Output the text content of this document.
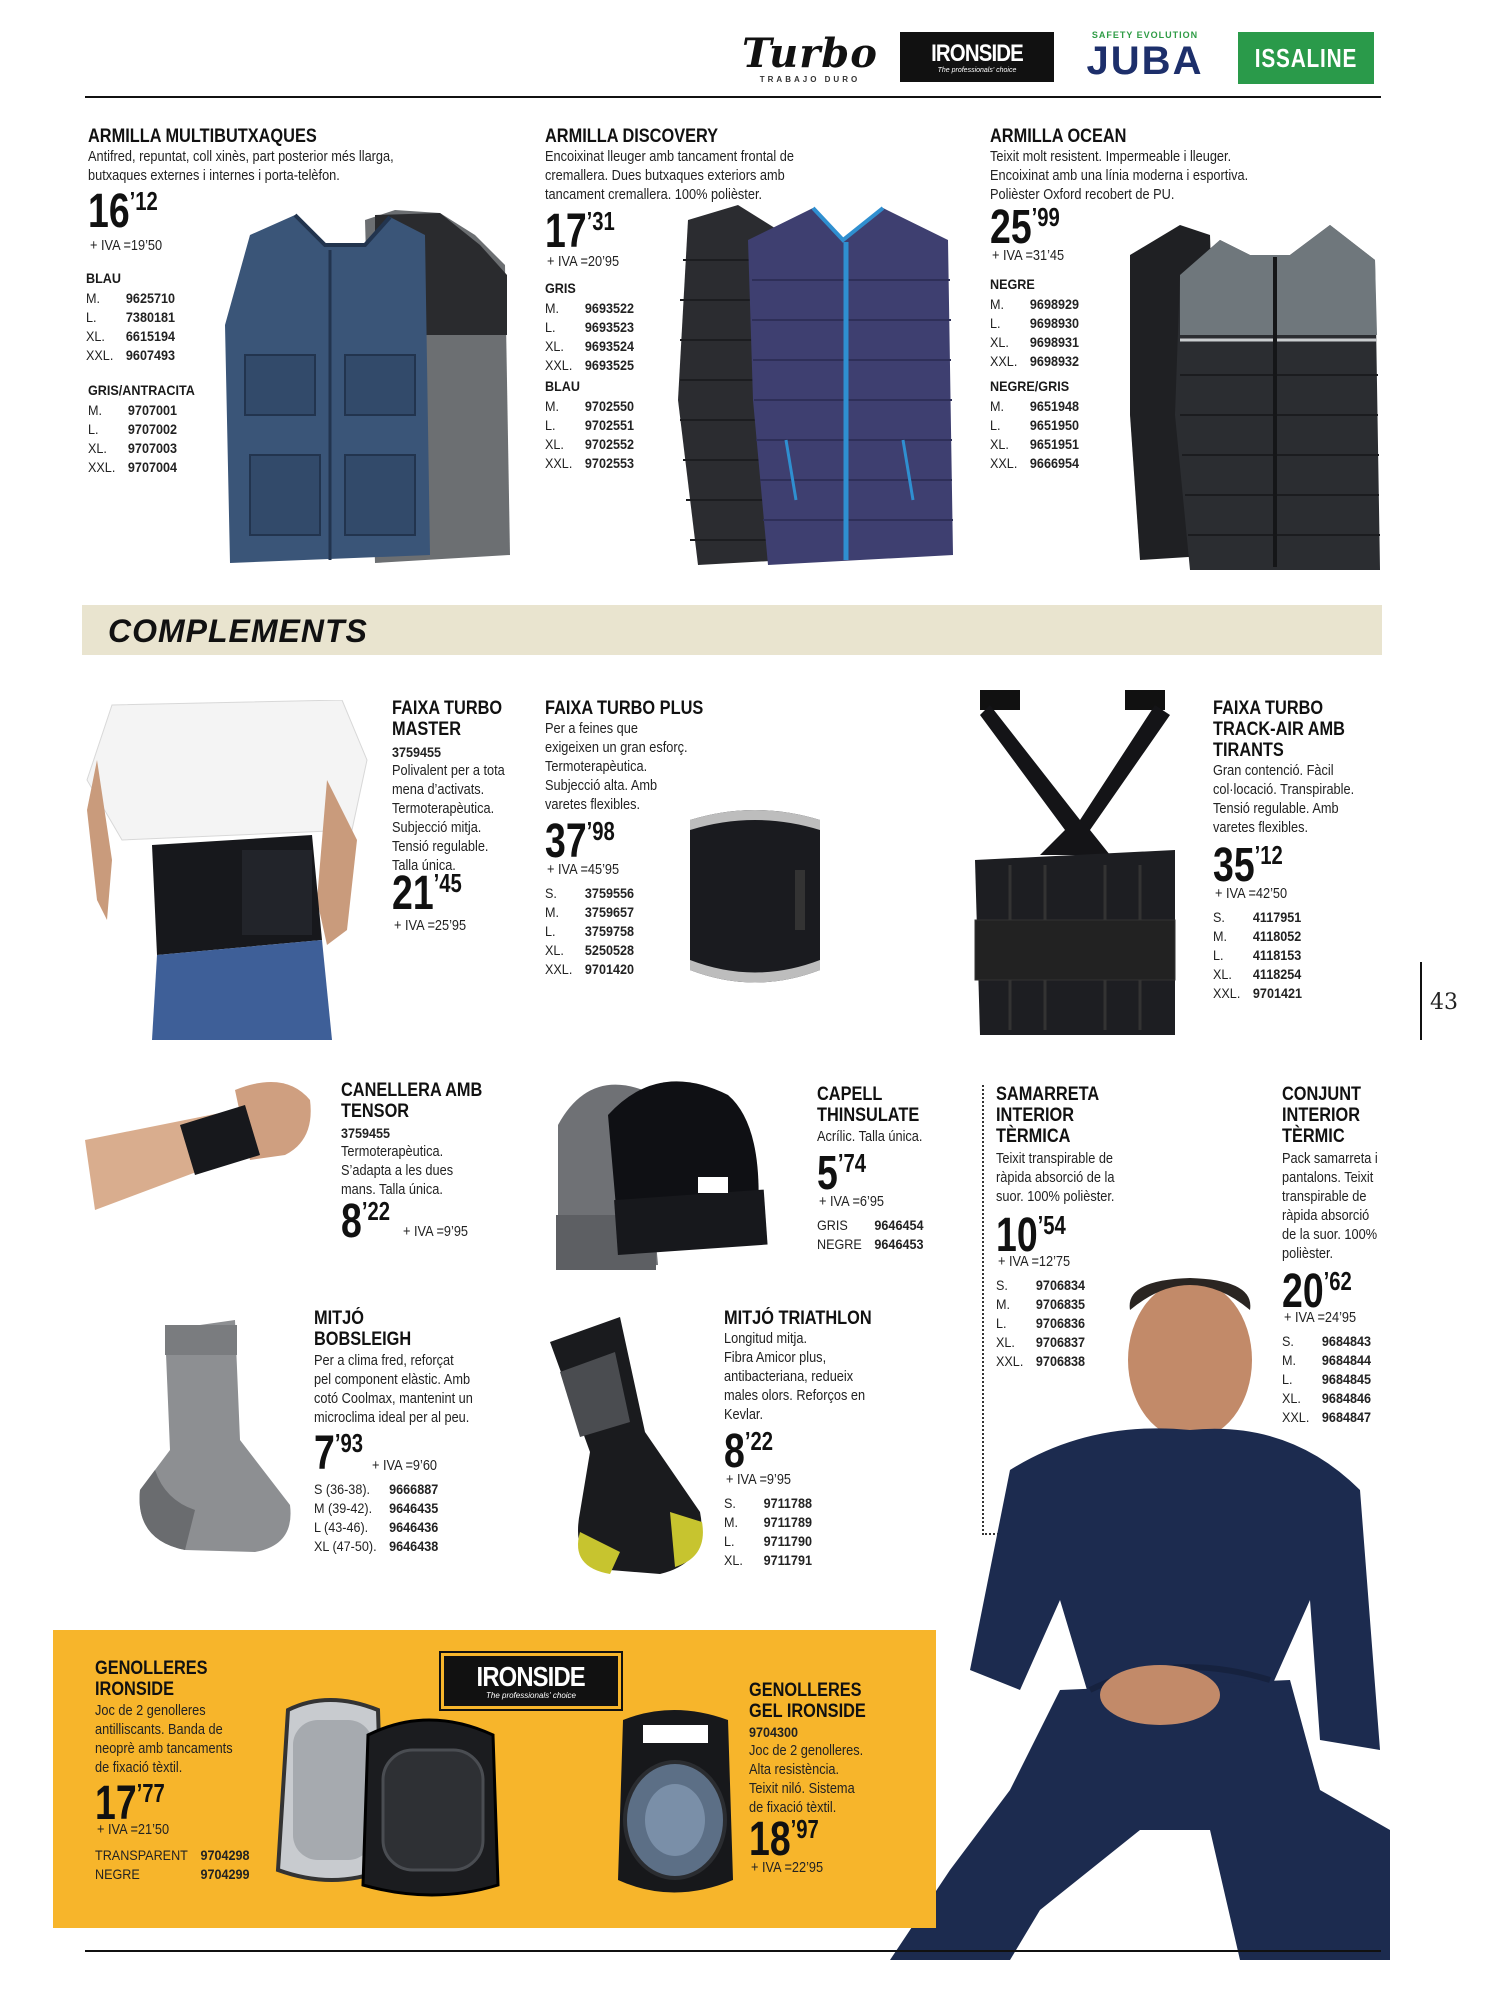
Turbo
TRABAJO DURO
IRONSIDE
The professionals' choice
SAFETY EVOLUTION
JUBA ISSALINE
ARMILLA MULTIBUTXAQUES
Antifred, repuntat, coll xinès, part posterior més llarga,
butxaques externes i internes i porta-telèfon.
16’12
+ IVA =19’50
BLAU
M.	9625710
L.	7380181
XL.	6615194
XXL.	9607493
GRIS/ANTRACITA
M.	9707001
L.	9707002
XL.	9707003
XXL.	9707004
ARMILLA DISCOVERY
Encoixinat lleuger amb tancament frontal de
cremallera. Dues butxaques exteriors amb
tancament cremallera. 100% polièster.
17’31
+ IVA =20’95
GRIS
M.	9693522
L.	9693523
XL.	9693524
XXL.	9693525
BLAU
M.	9702550
L.	9702551
XL.	9702552
XXL.	9702553
ARMILLA OCEAN
Teixit molt resistent. Impermeable i lleuger.
Encoixinat amb una línia moderna i esportiva.
Polièster Oxford recobert de PU.
25’99
+ IVA =31’45
NEGRE
M.	9698929
L.	9698930
XL.	9698931
XXL.	9698932
NEGRE/GRIS
M.	9651948
L.	9651950
XL.	9651951
XXL.	9666954
COMPLEMENTS
FAIXA TURBO
MASTER
3759455
Polivalent per a tota
mena d’activats.
Termoterapèutica.
Subjecció mitja.
Tensió regulable.
Talla única.
21’45
+ IVA =25’95
FAIXA TURBO PLUS
Per a feines que
exigeixen un gran esforç.
Termoterapèutica.
Subjecció alta. Amb
varetes flexibles.
37’98
+ IVA =45’95
S.	3759556
M.	3759657
L.	3759758
XL.	5250528
XXL.	9701420
FAIXA TURBO
TRACK-AIR AMB
TIRANTS
Gran contenció. Fàcil
col·locació. Transpirable.
Tensió regulable. Amb
varetes flexibles.
35’12
+ IVA =42’50
S.	4117951
M.	4118052
L.	4118153
XL.	4118254
XXL.	9701421	43
CANELLERA AMB
TENSOR
3759455
Termoterapèutica.
S’adapta a les dues
mans. Talla única.
8’22
+ IVA =9’95
CAPELL
THINSULATE
Acrílic. Talla única.
5’74
+ IVA =6’95
GRIS	9646454
NEGRE	9646453
SAMARRETA
INTERIOR
TÈRMICA
Teixit transpirable de
ràpida absorció de la
suor. 100% polièster.
10’54
+ IVA =12’75
S.	9706834
M.	9706835
L.	9706836
XL.	9706837
XXL.	9706838
CONJUNT
INTERIOR
TÈRMIC
Pack samarreta i
pantalons. Teixit
transpirable de
ràpida absorció
de la suor. 100%
polièster.
20’62
+ IVA =24’95
S.	9684843
M.	9684844
L.	9684845
XL.	9684846
XXL.	9684847
MITJÓ
BOBSLEIGH
Per a clima fred, reforçat
pel component elàstic. Amb
cotó Coolmax, mantenint un
microclima ideal per al peu.
7’93
+ IVA =9’60
S (36-38).	9666887
M (39-42).	9646435
L (43-46).	9646436
XL (47-50).	9646438
MITJÓ TRIATHLON
Longitud mitja.
Fibra Amicor plus,
antibacteriana, redueix
males olors. Reforços en
Kevlar.
8’22
+ IVA =9’95
S.	9711788
M.	9711789
L.	9711790
XL.	9711791
IRONSIDE
The professionals' choice
GENOLLERES
IRONSIDE
Joc de 2 genolleres
antilliscants. Banda de
neoprè amb tancaments
de fixació tèxtil.
17’77
+ IVA =21’50
TRANSPARENT	9704298
NEGRE	9704299
GENOLLERES
GEL IRONSIDE
9704300
Joc de 2 genolleres.
Alta resistència.
Teixit niló. Sistema
de fixació tèxtil.
18’97
+ IVA =22’95
